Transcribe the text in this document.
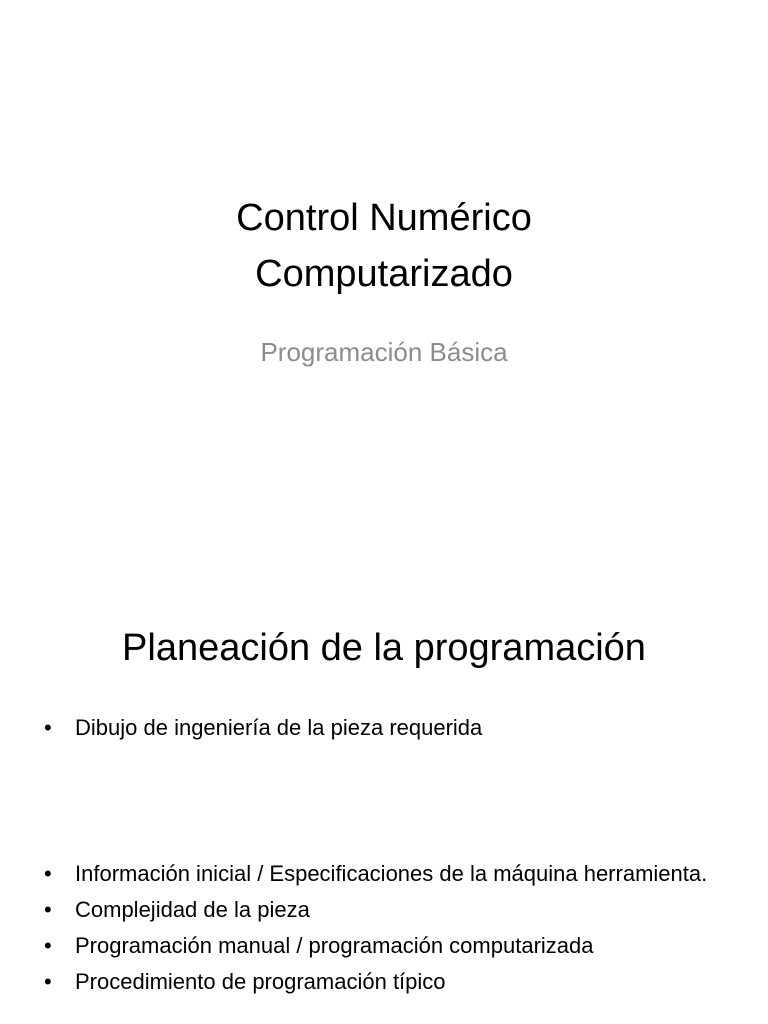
Control Numérico
Computarizado
Programación Básica
Planeación de la programación
•	Dibujo de ingeniería de la pieza requerida
•	Información inicial / Especificaciones de la máquina herramienta.
•	Complejidad de la pieza
•	Programación manual / programación computarizada
•	Procedimiento de programación típico
